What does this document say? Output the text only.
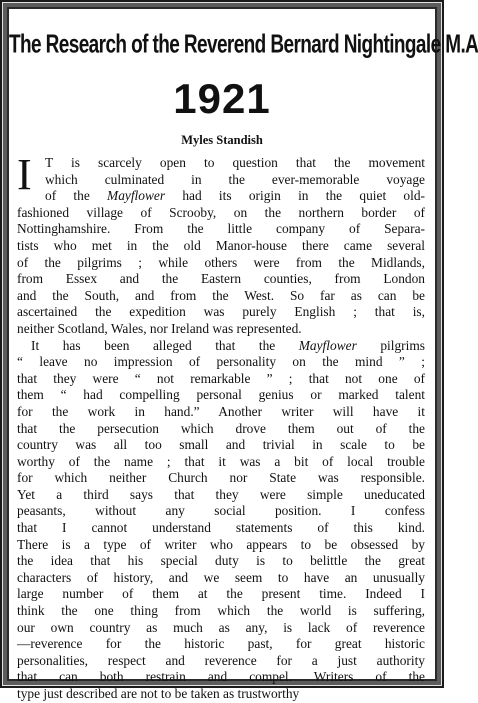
The Research of the Reverend Bernard Nightingale M.A
1921
Myles Standish
I T is scarcely open to question that the movement
which culminated in the ever-memorable voyage
of the Mayflower had its origin in the quiet old-
fashioned village of Scrooby, on the northern border of
Nottinghamshire. From the little company of Separa-
tists who met in the old Manor-house there came several
of the pilgrims ; while others were from the Midlands,
from Essex and the Eastern counties, from London
and the South, and from the West. So far as can be
ascertained the expedition was purely English ; that is,
neither Scotland, Wales, nor Ireland was represented.
It has been alleged that the Mayflower pilgrims
“ leave no impression of personality on the mind ” ;
that they were “ not remarkable ” ; that not one of
them “ had compelling personal genius or marked talent
for the work in hand.” Another writer will have it
that the persecution which drove them out of the
country was all too small and trivial in scale to be
worthy of the name ; that it was a bit of local trouble
for which neither Church nor State was responsible.
Yet a third says that they were simple uneducated
peasants, without any social position. I confess
that I cannot understand statements of this kind.
There is a type of writer who appears to be obsessed by
the idea that his special duty is to belittle the great
characters of history, and we seem to have an unusually
large number of them at the present time. Indeed I
think the one thing from which the world is suffering,
our own country as much as any, is lack of reverence
—reverence for the historic past, for great historic
personalities, respect and reverence for a just authority
that can both restrain and compel. Writers of the
type just described are not to be taken as trustworthy
